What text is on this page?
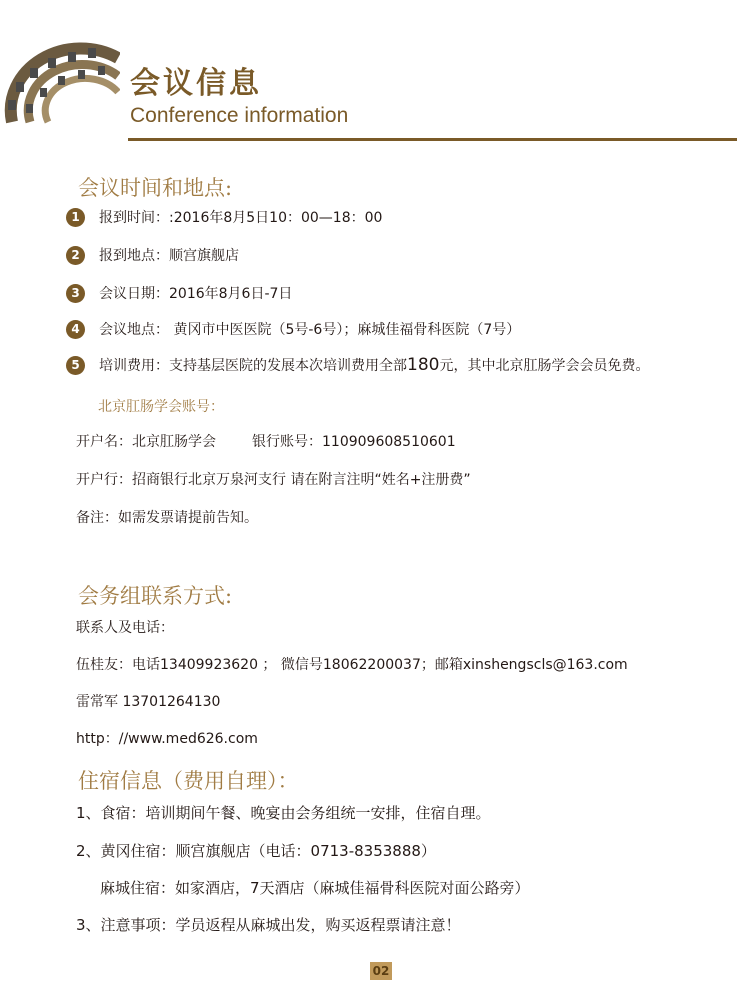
会议信息
Conference information
会议时间和地点:
1	报到时间：:2016年8月5日10：00—18：00
2	报到地点：顺宫旗舰店
3	会议日期：2016年8月6日-7日
4	会议地点： 黄冈市中医医院（5号-6号）；麻城佳福骨科医院（7号）
5	培训费用：支持基层医院的发展本次培训费用全部180元，其中北京肛肠学会会员免费。
北京肛肠学会账号：
开户名：北京肛肠学会	银行账号：110909608510601
开户行：招商银行北京万泉河支行 请在附言注明“姓名+注册费”
备注：如需发票请提前告知。
会务组联系方式:
联系人及电话：
伍桂友：电话13409923620 ； 微信号18062200037；邮箱xinshengscls@163.com
雷常军 13701264130
http：//www.med626.com
住宿信息（费用自理）：
1、食宿：培训期间午餐、晚宴由会务组统一安排，住宿自理。
2、黄冈住宿：顺宫旗舰店（电话：0713-8353888）
麻城住宿：如家酒店，7天酒店（麻城佳福骨科医院对面公路旁）
3、注意事项：学员返程从麻城出发，购买返程票请注意！
02
